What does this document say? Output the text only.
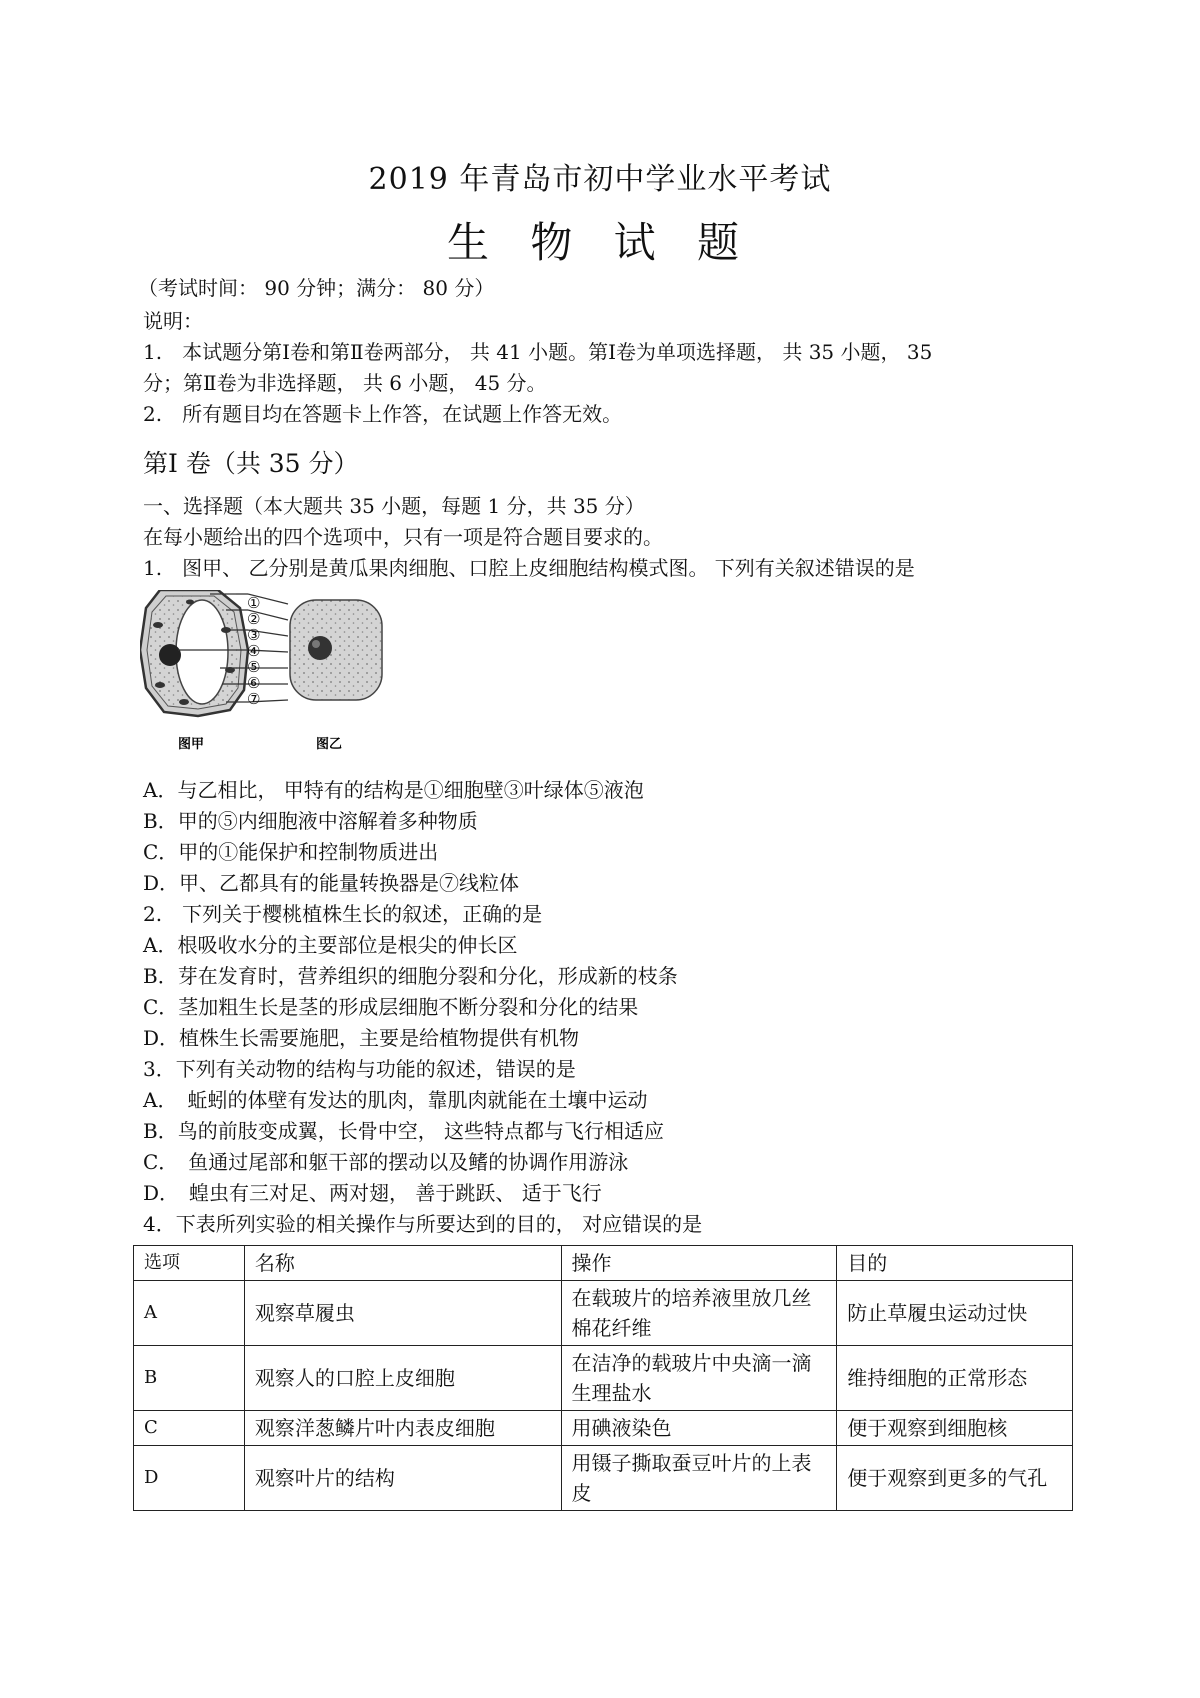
2019 年青岛市初中学业水平考试
生 物 试 题
（考试时间： 90 分钟；满分： 80 分）
说明：
1.　本试题分第Ⅰ卷和第Ⅱ卷两部分， 共 41 小题。第Ⅰ卷为单项选择题， 共 35 小题， 35
分；第Ⅱ卷为非选择题， 共 6 小题， 45 分。
2.　所有题目均在答题卡上作答，在试题上作答无效。
第Ⅰ 卷（共 35 分）
一、选择题（本大题共 35 小题，每题 1 分，共 35 分）
在每小题给出的四个选项中，只有一项是符合题目要求的。
1.　图甲、 乙分别是黄瓜果肉细胞、口腔上皮细胞结构模式图。 下列有关叙述错误的是
①
②
③
④
⑤
⑥
⑦
图甲	图乙
A．与乙相比， 甲特有的结构是①细胞壁③叶绿体⑤液泡
B．甲的⑤内细胞液中溶解着多种物质
C．甲的①能保护和控制物质进出
D．甲、乙都具有的能量转换器是⑦线粒体
2.　下列关于樱桃植株生长的叙述，正确的是
A．根吸收水分的主要部位是根尖的伸长区
B．芽在发育时，营养组织的细胞分裂和分化，形成新的枝条
C．茎加粗生长是茎的形成层细胞不断分裂和分化的结果
D．植株生长需要施肥，主要是给植物提供有机物
3．下列有关动物的结构与功能的叙述，错误的是
A．　蚯蚓的体壁有发达的肌肉，靠肌肉就能在土壤中运动
B．鸟的前肢变成翼，长骨中空， 这些特点都与飞行相适应
C．　鱼通过尾部和躯干部的摆动以及鳍的协调作用游泳
D．　蝗虫有三对足、两对翅， 善于跳跃、 适于飞行
4．下表所列实验的相关操作与所要达到的目的， 对应错误的是
选项	名称	操作	目的
A	观察草履虫	在载玻片的培养液里放几丝棉花纤维	防止草履虫运动过快
B	观察人的口腔上皮细胞	在洁净的载玻片中央滴一滴生理盐水	维持细胞的正常形态
C	观察洋葱鳞片叶内表皮细胞	用碘液染色	便于观察到细胞核
D	观察叶片的结构	用镊子撕取蚕豆叶片的上表皮	便于观察到更多的气孔
